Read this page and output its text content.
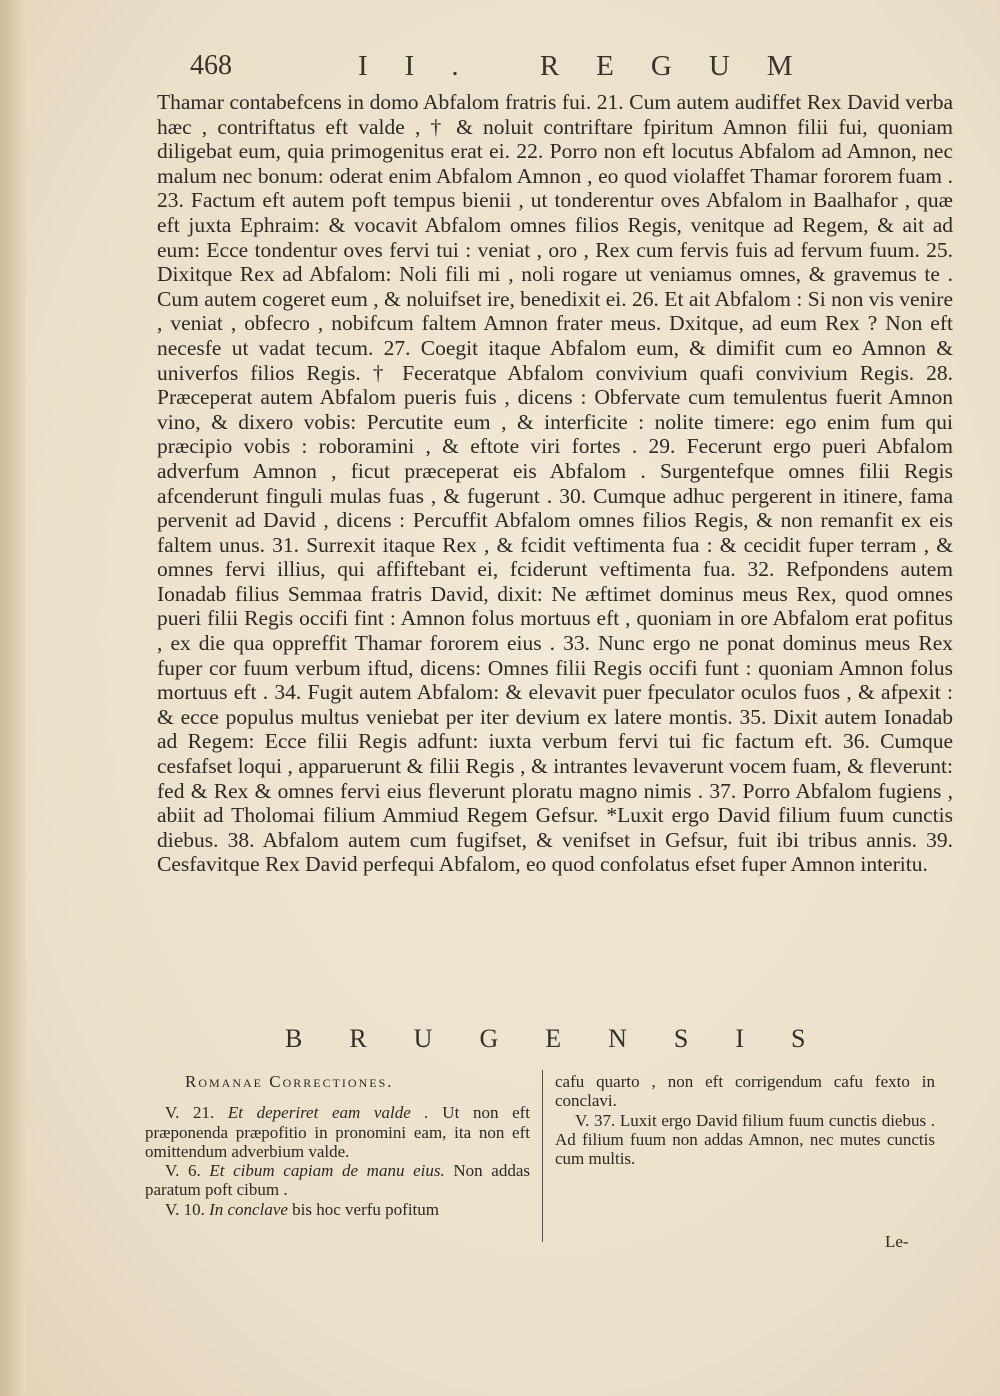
468	II. REGUM

Thamar contabefcens in domo Abfalom fratris fui. 21. Cum autem audiffet Rex David verba hæc , contriftatus eft valde , † & noluit contriftare fpiritum Amnon filii fui, quoniam diligebat eum, quia primogenitus erat ei. 22. Porro non eft locutus Abfalom ad Amnon, nec malum nec bonum: oderat enim Abfalom Amnon , eo quod violaffet Thamar fororem fuam . 23. Factum eft autem poft tempus bienii , ut tonderentur oves Abfalom in Baalhafor , quæ eft juxta Ephraim: & vocavit Abfalom omnes filios Regis, venitque ad Regem, & ait ad eum: Ecce tondentur oves fervi tui : veniat , oro , Rex cum fervis fuis ad fervum fuum. 25. Dixitque Rex ad Abfalom: Noli fili mi , noli rogare ut veniamus omnes, & gravemus te . Cum autem cogeret eum , & noluifset ire, benedixit ei. 26. Et ait Abfalom : Si non vis venire , veniat , obfecro , nobifcum faltem Amnon frater meus. Dxitque, ad eum Rex ? Non eft necesfe ut vadat tecum. 27. Coegit itaque Abfalom eum, & dimifit cum eo Amnon & univerfos filios Regis. † Feceratque Abfalom convivium quafi convivium Regis. 28. Præceperat autem Abfalom pueris fuis , dicens : Obfervate cum temulentus fuerit Amnon vino, & dixero vobis: Percutite eum , & interficite : nolite timere: ego enim fum qui præcipio vobis : roboramini , & eftote viri fortes . 29. Fecerunt ergo pueri Abfalom adverfum Amnon , ficut præceperat eis Abfalom . Surgentefque omnes filii Regis afcenderunt finguli mulas fuas , & fugerunt . 30. Cumque adhuc pergerent in itinere, fama pervenit ad David , dicens : Percuffit Abfalom omnes filios Regis, & non remanfit ex eis faltem unus. 31. Surrexit itaque Rex , & fcidit veftimenta fua : & cecidit fuper terram , & omnes fervi illius, qui affiftebant ei, fciderunt veftimenta fua. 32. Refpondens autem Ionadab filius Semmaa fratris David, dixit: Ne æftimet dominus meus Rex, quod omnes pueri filii Regis occifi fint : Amnon folus mortuus eft , quoniam in ore Abfalom erat pofitus , ex die qua oppreffit Thamar fororem eius . 33. Nunc ergo ne ponat dominus meus Rex fuper cor fuum verbum iftud, dicens: Omnes filii Regis occifi funt : quoniam Amnon folus mortuus eft . 34. Fugit autem Abfalom: & elevavit puer fpeculator oculos fuos , & afpexit : & ecce populus multus veniebat per iter devium ex latere montis. 35. Dixit autem Ionadab ad Regem: Ecce filii Regis adfunt: iuxta verbum fervi tui fic factum eft. 36. Cumque cesfafset loqui , apparuerunt & filii Regis , & intrantes levaverunt vocem fuam, & fleverunt: fed & Rex & omnes fervi eius fleverunt ploratu magno nimis . 37. Porro Abfalom fugiens , abiit ad Tholomai filium Ammiud Regem Gefsur. *Luxit ergo David filium fuum cunctis diebus. 38. Abfalom autem cum fugifset, & venifset in Gefsur, fuit ibi tribus annis. 39. Cesfavitque Rex David perfequi Abfalom, eo quod confolatus efset fuper Amnon interitu.

BRUGENSIS
Romanae Correctiones.

V. 21. Et deperiret eam valde . Ut non eft præponenda præpofitio in pronomini eam, ita non eft omittendum adverbium valde.

V. 6. Et cibum capiam de manu eius. Non addas paratum poft cibum .

V. 10. In conclave bis hoc verfu pofitum

cafu quarto , non eft corrigendum cafu fexto in conclavi.

V. 37. Luxit ergo David filium fuum cunctis diebus . Ad filium fuum non addas Amnon, nec mutes cunctis cum multis.

Le-
